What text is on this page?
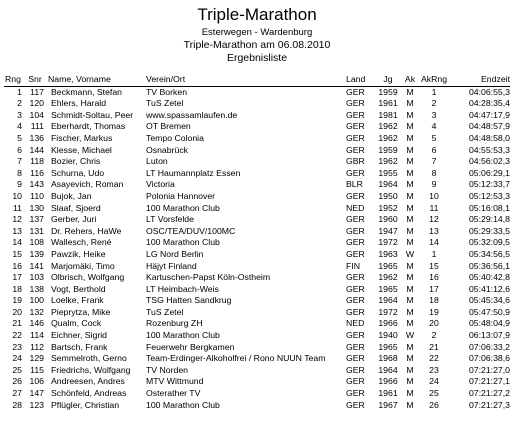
Triple-Marathon
Esterwegen - Wardenburg
Triple-Marathon am 06.08.2010
Ergebnisliste
Rng	Snr	Name, Vorname	Verein/Ort	Land	Jg	Ak	AkRng	Endzeit
1	117	Beckmann, Stefan	TV Borken	GER	1959	M	1	04:06:55,3
2	120	Ehlers, Harald	TuS Zetel	GER	1961	M	2	04:28:35,4
3	104	Schmidt-Soltau, Peer	www.spassamlaufen.de	GER	1981	M	3	04:47:17,9
4	111	Eberhardt, Thomas	OT Bremen	GER	1962	M	4	04:48:57,9
5	136	Fischer, Markus	Tempo Colonia	GER	1962	M	5	04:48:58,0
6	144	Klesse, Michael	Osnabrück	GER	1959	M	6	04:55:53,3
7	118	Bozier, Chris	Luton	GBR	1962	M	7	04:56:02,3
8	116	Schurna, Udo	LT Haumannplatz Essen	GER	1955	M	8	05:06:29,1
9	143	Asayevich, Roman	Victoria	BLR	1964	M	9	05:12:33,7
10	110	Bujok, Jan	Polonia Hannover	GER	1950	M	10	05:12:53,3
11	130	Slaaf, Sjoerd	100 Marathon Club	NED	1952	M	11	05:16:08,1
12	137	Gerber, Juri	LT Vorsfelde	GER	1960	M	12	05:29:14,8
13	131	Dr. Rehers, HaWe	OSC/TEA/DUV/100MC	GER	1947	M	13	05:29:33,5
14	108	Wallesch, René	100 Marathon Club	GER	1972	M	14	05:32:09,5
15	139	Pawzik, Heike	LG Nord Berlin	GER	1963	W	1	05:34:56,5
16	141	Marjomäki, Timo	Häjyt Finland	FIN	1965	M	15	05:36:56,1
17	103	Olbrisch, Wolfgang	Kartuschen-Papst Köln-Ostheim	GER	1962	M	16	05:40:42,8
18	138	Vogt, Berthold	LT Heimbach-Weis	GER	1965	M	17	05:41:12,6
19	100	Loelke, Frank	TSG Hatten Sandkrug	GER	1964	M	18	05:45:34,6
20	132	Pieprytza, Mike	TuS Zetel	GER	1972	M	19	05:47:50,9
21	146	Qualm, Cock	Rozenburg ZH	NED	1966	M	20	05:48:04,9
22	114	Eichner, Sigrid	100 Marathon Club	GER	1940	W	2	06:13:07,9
23	112	Bartsch, Frank	Feuerwehr Bergkamen	GER	1965	M	21	07:06:33,2
24	129	Semmelroth, Gerno	Team-Erdinger-Alkoholfrei / Rono NUUN Team	GER	1968	M	22	07:06:38,6
25	115	Friedrichs, Wolfgang	TV Norden	GER	1964	M	23	07:21:27,0
26	106	Andreesen, Andres	MTV Wittmund	GER	1966	M	24	07:21:27,1
27	147	Schönfeld, Andreas	Osterather TV	GER	1961	M	25	07:21:27,2
28	123	Pflügler, Christian	100 Marathon Club	GER	1967	M	26	07:21:27,3
